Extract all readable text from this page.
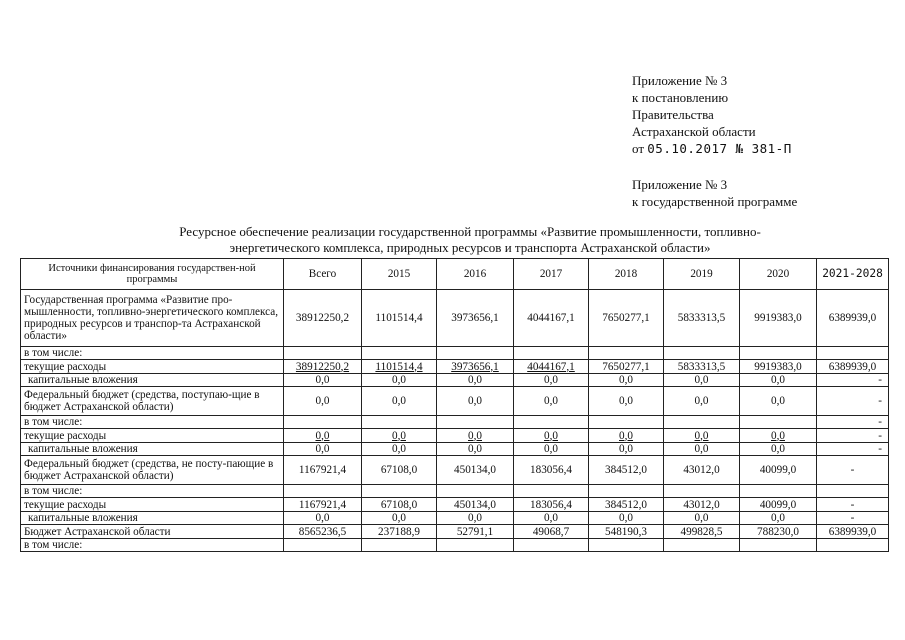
Приложение № 3
к постановлению
Правительства
Астраханской области
от 05.10.2017 № 381-П
Приложение № 3
к государственной программе
Ресурсное обеспечение реализации государственной программы «Развитие промышленности, топливно-
энергетического комплекса, природных ресурсов и транспорта Астраханской области»
Источники финансирования государствен-ной программы	Всего	2015	2016	2017	2018	2019	2020	2021-2028
Государственная программа «Развитие про-мышленности, топливно-энергетического комплекса, природных ресурсов и транспор-та Астраханской области»	38912250,2	1101514,4	3973656,1	4044167,1	7650277,1	5833313,5	9919383,0	6389939,0
в том числе:								
текущие расходы	38912250,2	1101514,4	3973656,1	4044167,1	7650277,1	5833313,5	9919383,0	6389939,0
капитальные вложения	0,0	0,0	0,0	0,0	0,0	0,0	0,0	-
Федеральный бюджет (средства, поступаю-щие в бюджет Астраханской области)	0,0	0,0	0,0	0,0	0,0	0,0	0,0	-
в том числе:								-
текущие расходы	0,0	0,0	0,0	0,0	0,0	0,0	0,0	-
капитальные вложения	0,0	0,0	0,0	0,0	0,0	0,0	0,0	-
Федеральный бюджет (средства, не посту-пающие в бюджет Астраханской области)	1167921,4	67108,0	450134,0	183056,4	384512,0	43012,0	40099,0	-
в том числе:								
текущие расходы	1167921,4	67108,0	450134,0	183056,4	384512,0	43012,0	40099,0	-
капитальные вложения	0,0	0,0	0,0	0,0	0,0	0,0	0,0	-
Бюджет Астраханской области	8565236,5	237188,9	52791,1	49068,7	548190,3	499828,5	788230,0	6389939,0
в том числе:								
